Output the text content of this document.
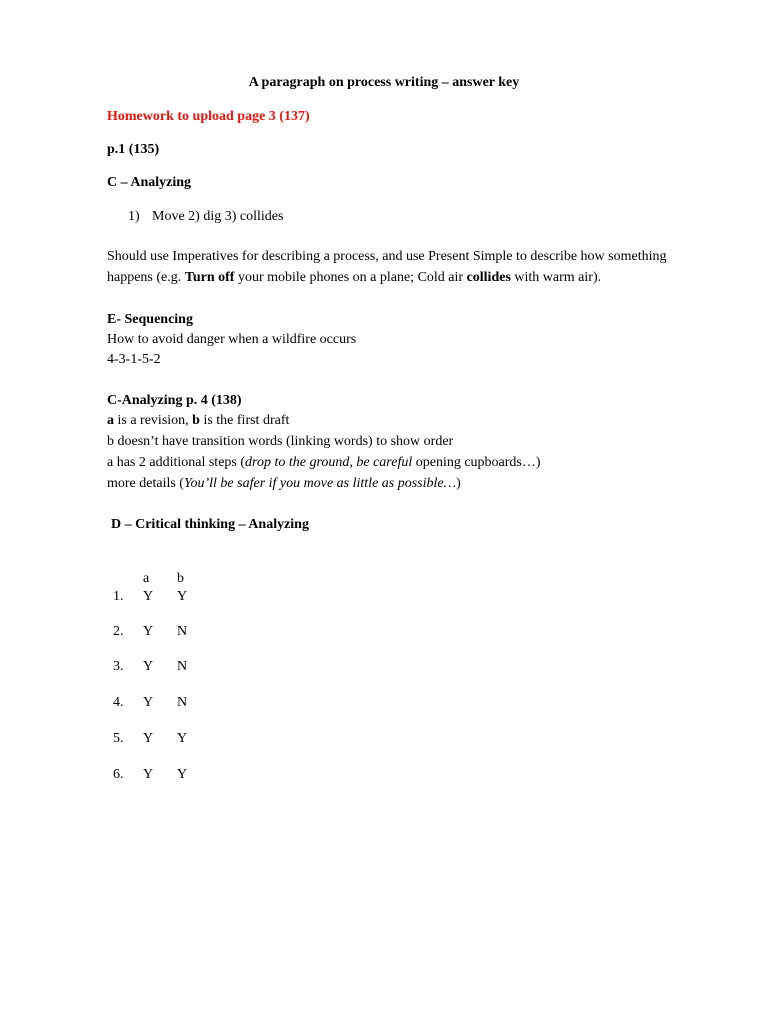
A paragraph on process writing – answer key
Homework to upload page 3 (137)
p.1 (135)
C – Analyzing
1) Move 2) dig 3) collides
Should use Imperatives for describing a process, and use Present Simple to describe how something
happens (e.g. Turn off your mobile phones on a plane; Cold air collides with warm air).
E- Sequencing
How to avoid danger when a wildfire occurs
4-3-1-5-2
C-Analyzing p. 4 (138)
a is a revision, b is the first draft
b doesn’t have transition words (linking words) to show order
a has 2 additional steps (drop to the ground, be careful opening cupboards…)
more details (You’ll be safer if you move as little as possible…)
D – Critical thinking – Analyzing
a b
1. Y Y
2. Y N
3. Y N
4. Y N
5. Y Y
6. Y Y
